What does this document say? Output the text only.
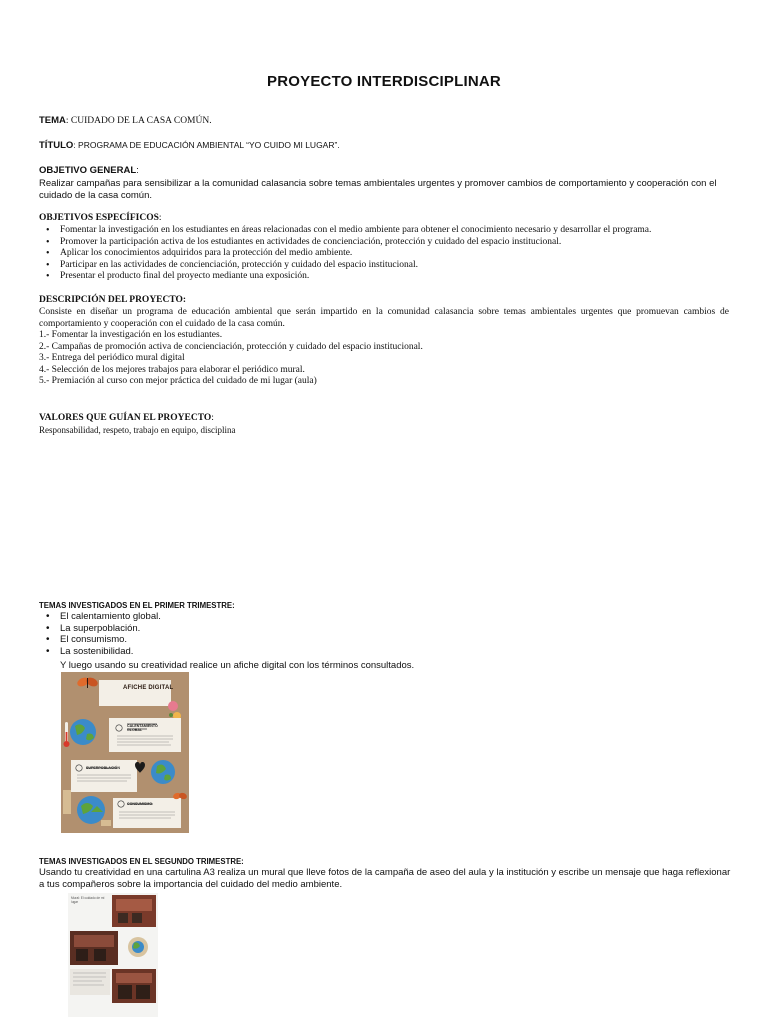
PROYECTO INTERDISCIPLINAR
TEMA: CUIDADO DE LA CASA COMÚN.
TÍTULO: PROGRAMA DE EDUCACIÓN AMBIENTAL “YO CUIDO MI LUGAR”.
OBJETIVO GENERAL:
Realizar campañas para sensibilizar a la comunidad calasancia sobre temas ambientales urgentes y promover cambios de comportamiento y cooperación con el cuidado de la casa común.
OBJETIVOS ESPECÍFICOS:
• Fomentar la investigación en los estudiantes en áreas relacionadas con el medio ambiente para obtener el conocimiento necesario y desarrollar el programa.
• Promover la participación activa de los estudiantes en actividades de concienciación, protección y cuidado del espacio institucional.
• Aplicar los conocimientos adquiridos para la protección del medio ambiente.
• Participar en las actividades de concienciación, protección y cuidado del espacio institucional.
• Presentar el producto final del proyecto mediante una exposición.
DESCRIPCIÓN DEL PROYECTO:
Consiste en diseñar un programa de educación ambiental que serán impartido en la comunidad calasancia sobre temas ambientales urgentes que promuevan cambios de comportamiento y cooperación con el cuidado de la casa común.
1.- Fomentar la investigación en los estudiantes.
2.- Campañas de promoción activa de concienciación, protección y cuidado del espacio institucional.
3.- Entrega del periódico mural digital
4.- Selección de los mejores trabajos para elaborar el periódico mural.
5.- Premiación al curso con mejor práctica del cuidado de mi lugar (aula)
VALORES QUE GUÍAN EL PROYECTO:
Responsabilidad, respeto, trabajo en equipo, disciplina
TEMAS INVESTIGADOS EN EL PRIMER TRIMESTRE:
• El calentamiento global.
• La superpoblación.
• El consumismo.
• La sostenibilidad.
Y luego usando su creatividad realice un afiche digital con los términos consultados.
AFICHE DIGITAL
CALENTAMIENTO GLOBAL
SUPERPOBLACIÓN
CONSUMISMO
TEMAS INVESTIGADOS EN EL SEGUNDO TRIMESTRE:
Usando tu creatividad en una cartulina A3 realiza un mural que lleve fotos de la campaña de aseo del aula y la institución y escribe un mensaje que haga reflexionar a tus compañeros sobre la importancia del cuidado del medio ambiente.
Mural: El cuidado de mi lugar
